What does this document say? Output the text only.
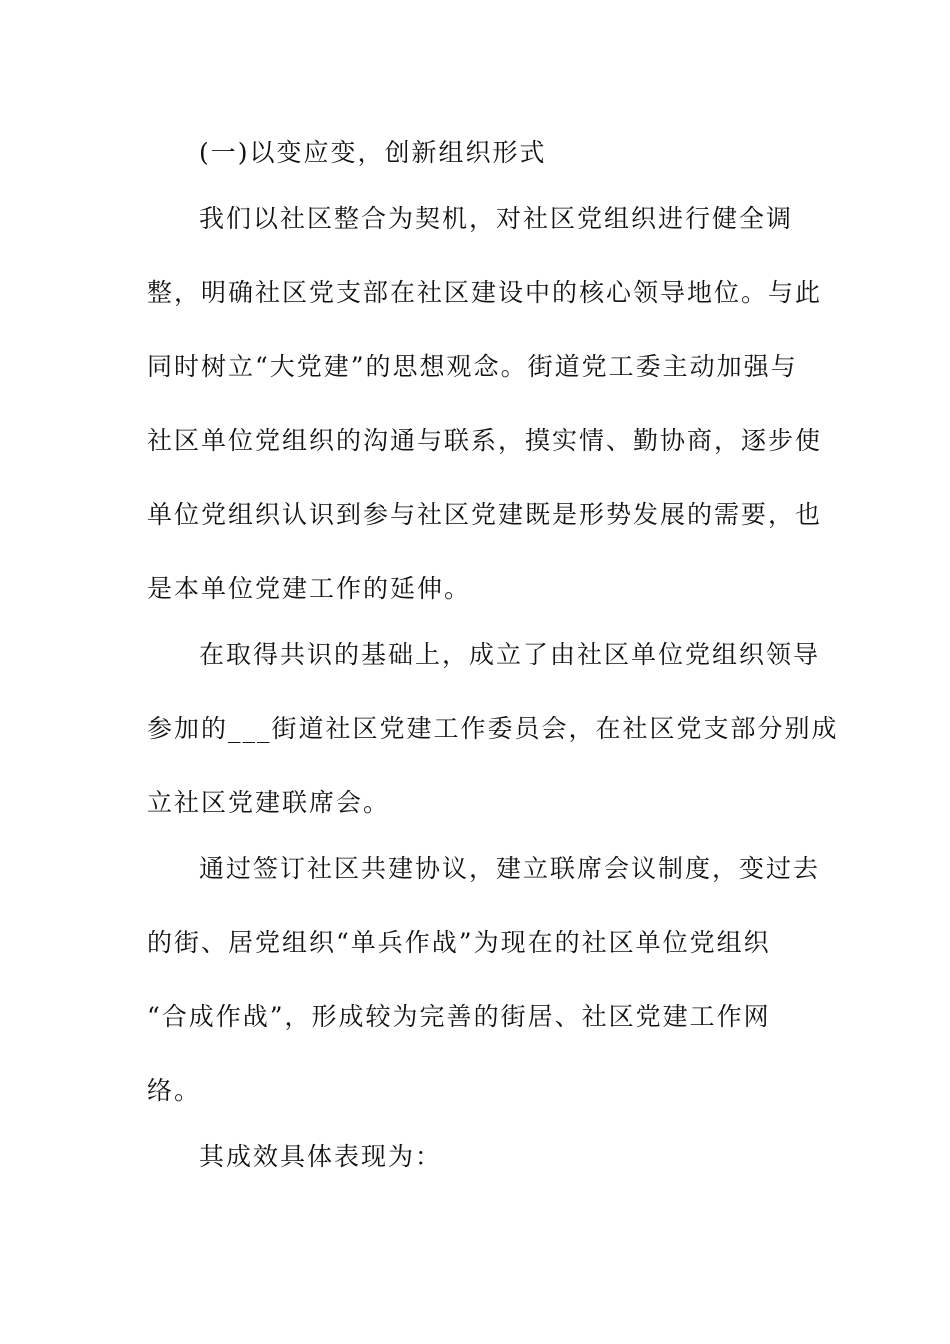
(一)以变应变，创新组织形式
我们以社区整合为契机，对社区党组织进行健全调
整，明确社区党支部在社区建设中的核心领导地位。与此
同时树立“大党建”的思想观念。街道党工委主动加强与
社区单位党组织的沟通与联系，摸实情、勤协商，逐步使
单位党组织认识到参与社区党建既是形势发展的需要，也
是本单位党建工作的延伸。
在取得共识的基础上，成立了由社区单位党组织领导
参加的___街道社区党建工作委员会，在社区党支部分别成
立社区党建联席会。
通过签订社区共建协议，建立联席会议制度，变过去
的街、居党组织“单兵作战”为现在的社区单位党组织
“合成作战”，形成较为完善的街居、社区党建工作网
络。
其成效具体表现为：
